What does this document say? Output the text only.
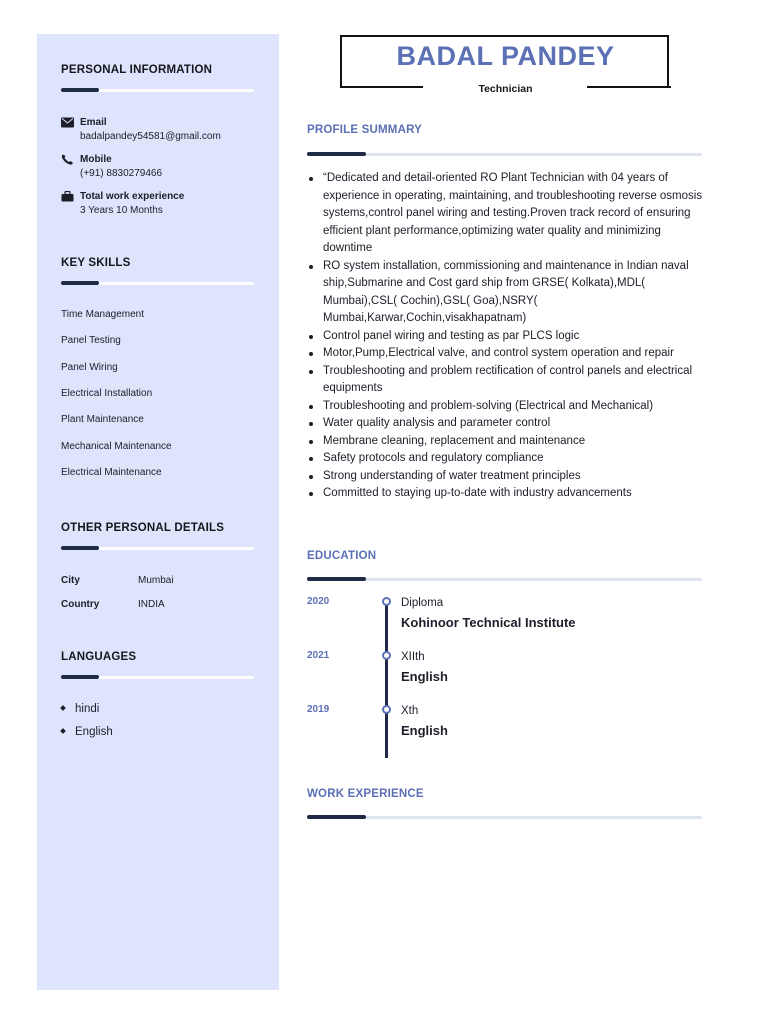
PERSONAL INFORMATION
Email
badalpandey54581@gmail.com
Mobile
(+91) 8830279466
Total work experience
3 Years 10 Months
KEY SKILLS
Time Management
Panel Testing
Panel Wiring
Electrical Installation
Plant Maintenance
Mechanical Maintenance
Electrical Maintenance
OTHER PERSONAL DETAILS
City	Mumbai
Country	INDIA
LANGUAGES
hindi
English
BADAL PANDEY
Technician
PROFILE SUMMARY
“Dedicated and detail-oriented RO Plant Technician with 04 years of experience in operating, maintaining, and troubleshooting reverse osmosis systems,control panel wiring and testing.Proven track record of ensuring efficient plant performance,optimizing water quality and minimizing downtime
RO system installation, commissioning and maintenance in Indian naval ship,Submarine and Cost gard ship from GRSE( Kolkata),MDL( Mumbai),CSL( Cochin),GSL( Goa),NSRY( Mumbai,Karwar,Cochin,visakhapatnam)
Control panel wiring and testing as par PLCS logic
Motor,Pump,Electrical valve, and control system operation and repair
Troubleshooting and problem rectification of control panels and electrical equipments
Troubleshooting and problem-solving (Electrical and Mechanical)
Water quality analysis and parameter control
Membrane cleaning, replacement and maintenance
Safety protocols and regulatory compliance
Strong understanding of water treatment principles
Committed to staying up-to-date with industry advancements
EDUCATION
2020	Diploma
Kohinoor Technical Institute
2021	XIIth
English
2019	Xth
English
WORK EXPERIENCE
